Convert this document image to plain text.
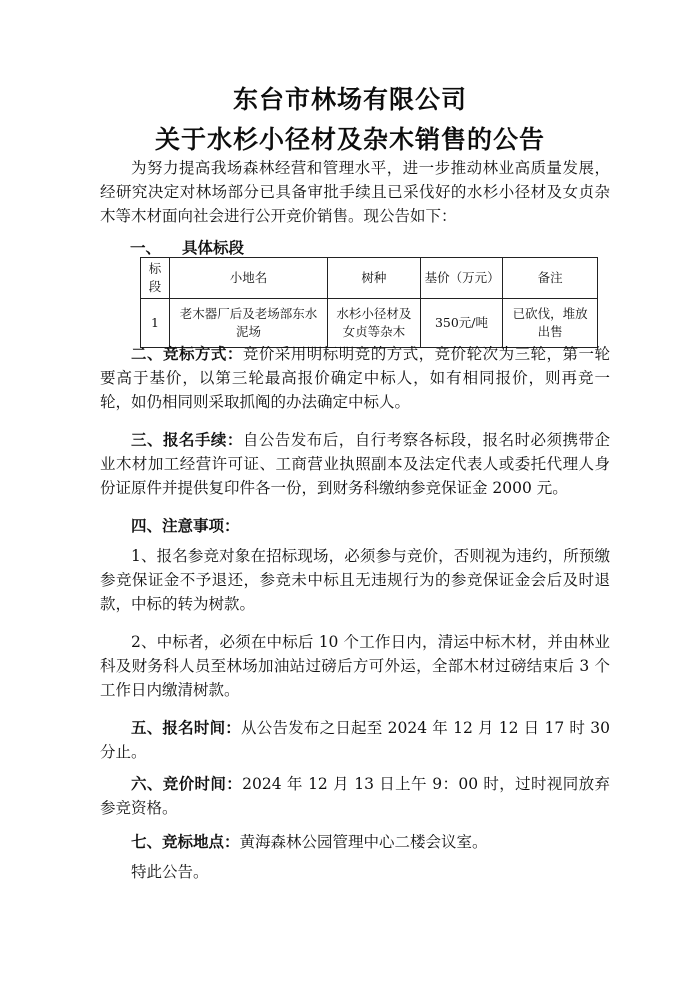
东台市林场有限公司
关于水杉小径材及杂木销售的公告

为努力提高我场森林经营和管理水平，进一步推动林业高质量发展，经研究决定对林场部分已具备审批手续且已采伐好的水杉小径材及女贞杂木等木材面向社会进行公开竞价销售。现公告如下：

一、 具体标段
标段	小地名	树种	基价（万元）	备注
1	老木器厂后及老场部东水泥场	水杉小径材及女贞等杂木	350元/吨	已砍伐，堆放出售

二、竞标方式：竞价采用明标明竞的方式，竞价轮次为三轮，第一轮要高于基价，以第三轮最高报价确定中标人，如有相同报价，则再竞一轮，如仍相同则采取抓阄的办法确定中标人。

三、报名手续：自公告发布后，自行考察各标段，报名时必须携带企业木材加工经营许可证、工商营业执照副本及法定代表人或委托代理人身份证原件并提供复印件各一份，到财务科缴纳参竞保证金 2000 元。

四、注意事项：

1、报名参竞对象在招标现场，必须参与竞价，否则视为违约，所预缴参竞保证金不予退还，参竞未中标且无违规行为的参竞保证金会后及时退款，中标的转为树款。

2、中标者，必须在中标后 10 个工作日内，清运中标木材，并由林业科及财务科人员至林场加油站过磅后方可外运，全部木材过磅结束后 3 个工作日内缴清树款。

五、报名时间：从公告发布之日起至 2024 年 12 月 12 日 17 时 30 分止。

六、竞价时间：2024 年 12 月 13 日上午 9：00 时，过时视同放弃参竞资格。

七、竞标地点：黄海森林公园管理中心二楼会议室。

特此公告。
